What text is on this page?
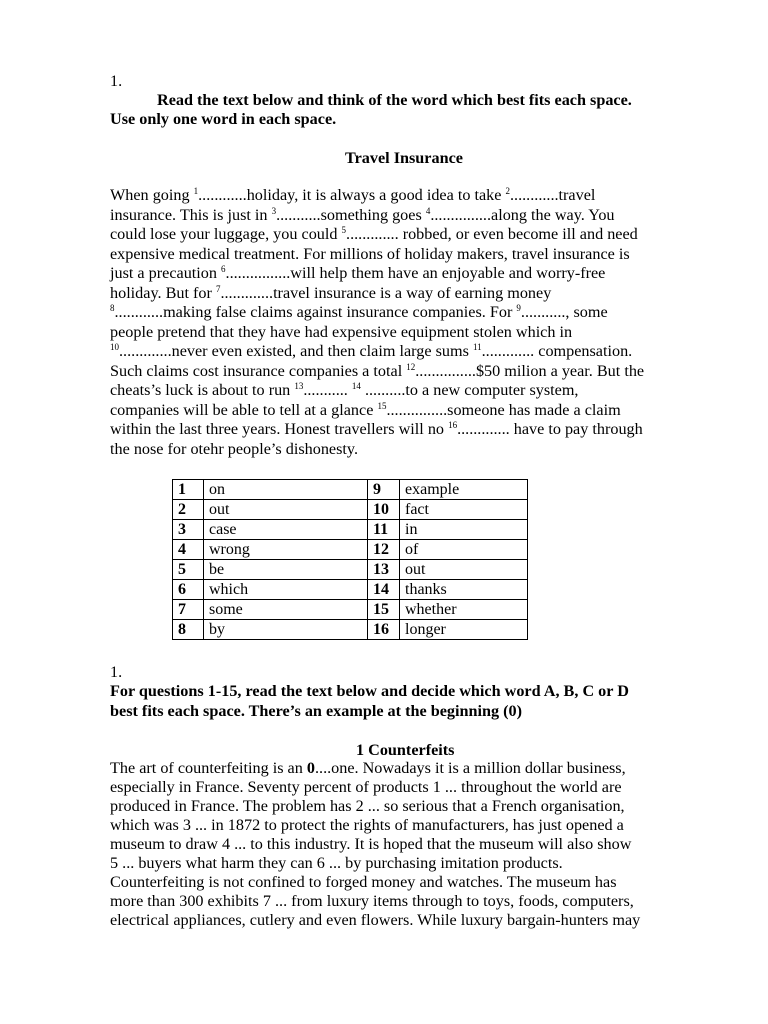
1.

Read the text below and think of the word which best fits each space.

Use only one word in each space.

Travel Insurance

When going $^1$............holiday, it is always a good idea to take $^2$............travel
insurance. This is just in $^3$...........something goes $^4$...............along the way. You
could lose your luggage, you could $^5$............. robbed, or even become ill and need
expensive medical treatment. For millions of holiday makers, travel insurance is
just a precaution $^6$................will help them have an enjoyable and worry-free
holiday. But for $^7$.............travel insurance is a way of earning money
$^8$............making false claims against insurance companies. For $^9$..........., some
people pretend that they have had expensive equipment stolen which in
$^{10}$.............never even existed, and then claim large sums $^{11}$............. compensation.
Such claims cost insurance companies a total $^{12}$...............$50 milion a year. But the
cheats’s luck is about to run $^{13}$........... $^{14}$ ..........to a new computer system,
companies will be able to tell at a glance $^{15}$...............someone has made a claim
within the last three years. Honest travellers will no $^{16}$............. have to pay through
the nose for otehr people’s dishonesty.
1	on	9	example
2	out	10	fact
3	case	11	in
4	wrong	12	of
5	be	13	out
6	which	14	thanks
7	some	15	whether
8	by	16	longer

1.

For questions 1-15, read the text below and decide which word A, B, C or D

best fits each space. There’s an example at the beginning (0)

1 Counterfeits

The art of counterfeiting is an 0....one. Nowadays it is a million dollar business,
especially in France. Seventy percent of products 1 ... throughout the world are
produced in France. The problem has 2 ... so serious that a French organisation,
which was 3 ... in 1872 to protect the rights of manufacturers, has just opened a
museum to draw 4 ... to this industry. It is hoped that the museum will also show
5 ... buyers what harm they can 6 ... by purchasing imitation products.
Counterfeiting is not confined to forged money and watches. The museum has
more than 300 exhibits 7 ... from luxury items through to toys, foods, computers,
electrical appliances, cutlery and even flowers. While luxury bargain-hunters may
